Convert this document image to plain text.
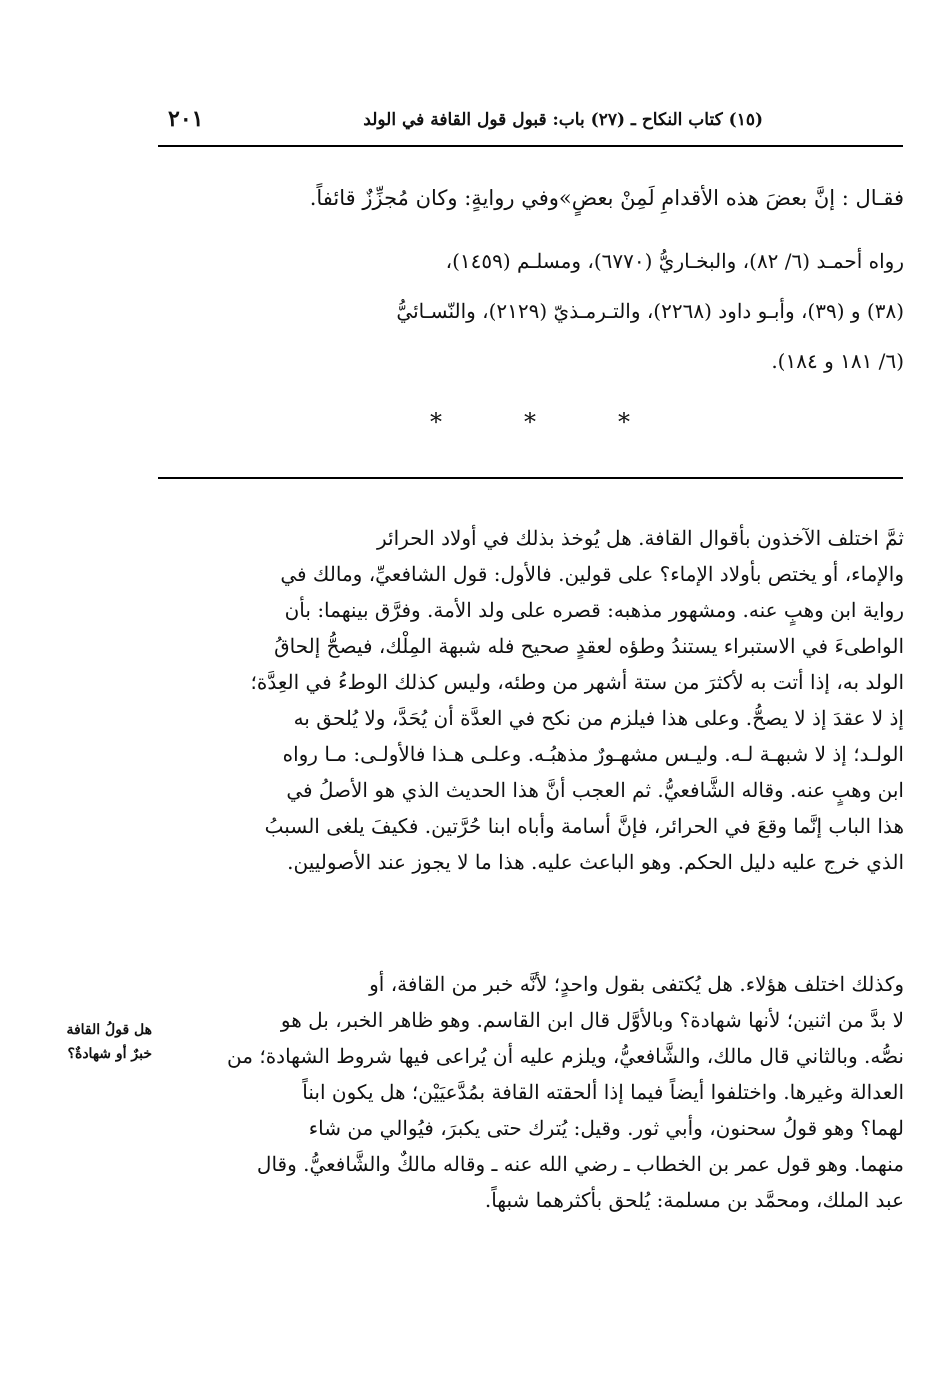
(١٥) كتاب النكاح ـ (٢٧) باب: قبول قول القافة في الولد
٢٠١
فقـال : إنَّ بعضَ هذه الأقدامِ لَمِنْ بعضٍ»وفي روايةٍ: وكان مُجزِّزٌ قائفاً.
رواه أحمـد (٦/ ٨٢)، والبخـاريُّ (٦٧٧٠)، ومسلـم (١٤٥٩)،
(٣٨) و (٣٩)، وأبـو داود (٢٢٦٨)، والتـرمـذيّ (٢١٢٩)، والنّسـائيُّ
(٦/ ١٨١ و ١٨٤).
*	*	*
ثمَّ اختلف الآخذون بأقوال القافة. هل يُوخذ بذلك في أولاد الحرائر
والإماء، أو يختص بأولاد الإماء؟ على قولين. فالأول: قول الشافعيِّ، ومالك في
رواية ابن وهبٍ عنه. ومشهور مذهبه: قصره على ولد الأمة. وفرَّق بينهما: بأن
الواطىءَ في الاستبراء يستندُ وطؤه لعقدٍ صحيح فله شبهة المِلْك، فيصحُّ إلحاقُ
الولد به، إذا أتت به لأكثرَ من ستة أشهر من وطئه، وليس كذلك الوطءُ في العِدَّة؛
إذ لا عقدَ إذ لا يصحُّ. وعلى هذا فيلزم من نكح في العدَّة أن يُحَدَّ، ولا يُلحق به
الولـد؛ إذ لا شبهـة لـه. وليـس مشهـورٌ مذهبُـه. وعلـى هـذا فالأولـى: مـا رواه
ابن وهبٍ عنه. وقاله الشَّافعيُّ. ثم العجب أنَّ هذا الحديث الذي هو الأصلُ في
هذا الباب إنَّما وقعَ في الحرائر، فإنَّ أسامة وأباه ابنا حُرَّتين. فكيفَ يلغى السببُ
الذي خرج عليه دليل الحكم. وهو الباعث عليه. هذا ما لا يجوز عند الأصوليين.
وكذلك اختلف هؤلاء. هل يُكتفى بقول واحدٍ؛ لأنَّه خبر من القافة، أو
لا بدَّ من اثنين؛ لأنها شهادة؟ وبالأوَّل قال ابن القاسم. وهو ظاهر الخبر، بل هو
نصُّه. وبالثاني قال مالك، والشَّافعيُّ، ويلزم عليه أن يُراعى فيها شروط الشهادة؛ من
العدالة وغيرها. واختلفوا أيضاً فيما إذا ألحقته القافة بمُدَّعيَيْن؛ هل يكون ابناً
لهما؟ وهو قولُ سحنون، وأبي ثور. وقيل: يُترك حتى يكبرَ، فيُوالي من شاء
منهما. وهو قول عمر بن الخطاب ـ رضي الله عنه ـ وقاله مالكٌ والشَّافعيُّ. وقال
عبد الملك، ومحمَّد بن مسلمة: يُلحق بأكثرهما شبهاً.
هل قولُ القافة
خبرٌ أو شهادةٌ؟
